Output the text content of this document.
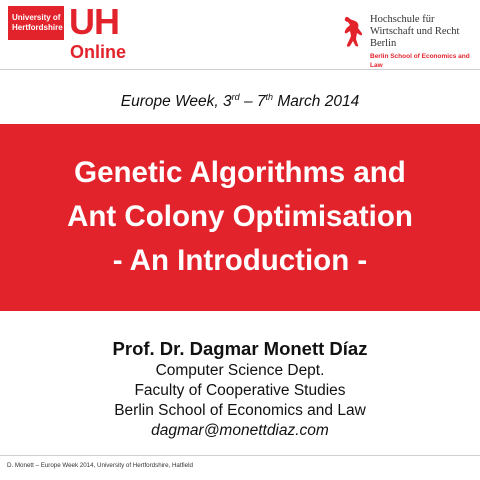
University of
Hertfordshire UH
Online
Hochschule für
Wirtschaft und Recht Berlin
Berlin School of Economics and Law
Europe Week, 3rd – 7th March 2014
Genetic Algorithms and
Ant Colony Optimisation
- An Introduction -
Prof. Dr. Dagmar Monett Díaz
Computer Science Dept.
Faculty of Cooperative Studies
Berlin School of Economics and Law
dagmar@monettdiaz.com
D. Monett – Europe Week 2014, University of Hertfordshire, Hatfield
